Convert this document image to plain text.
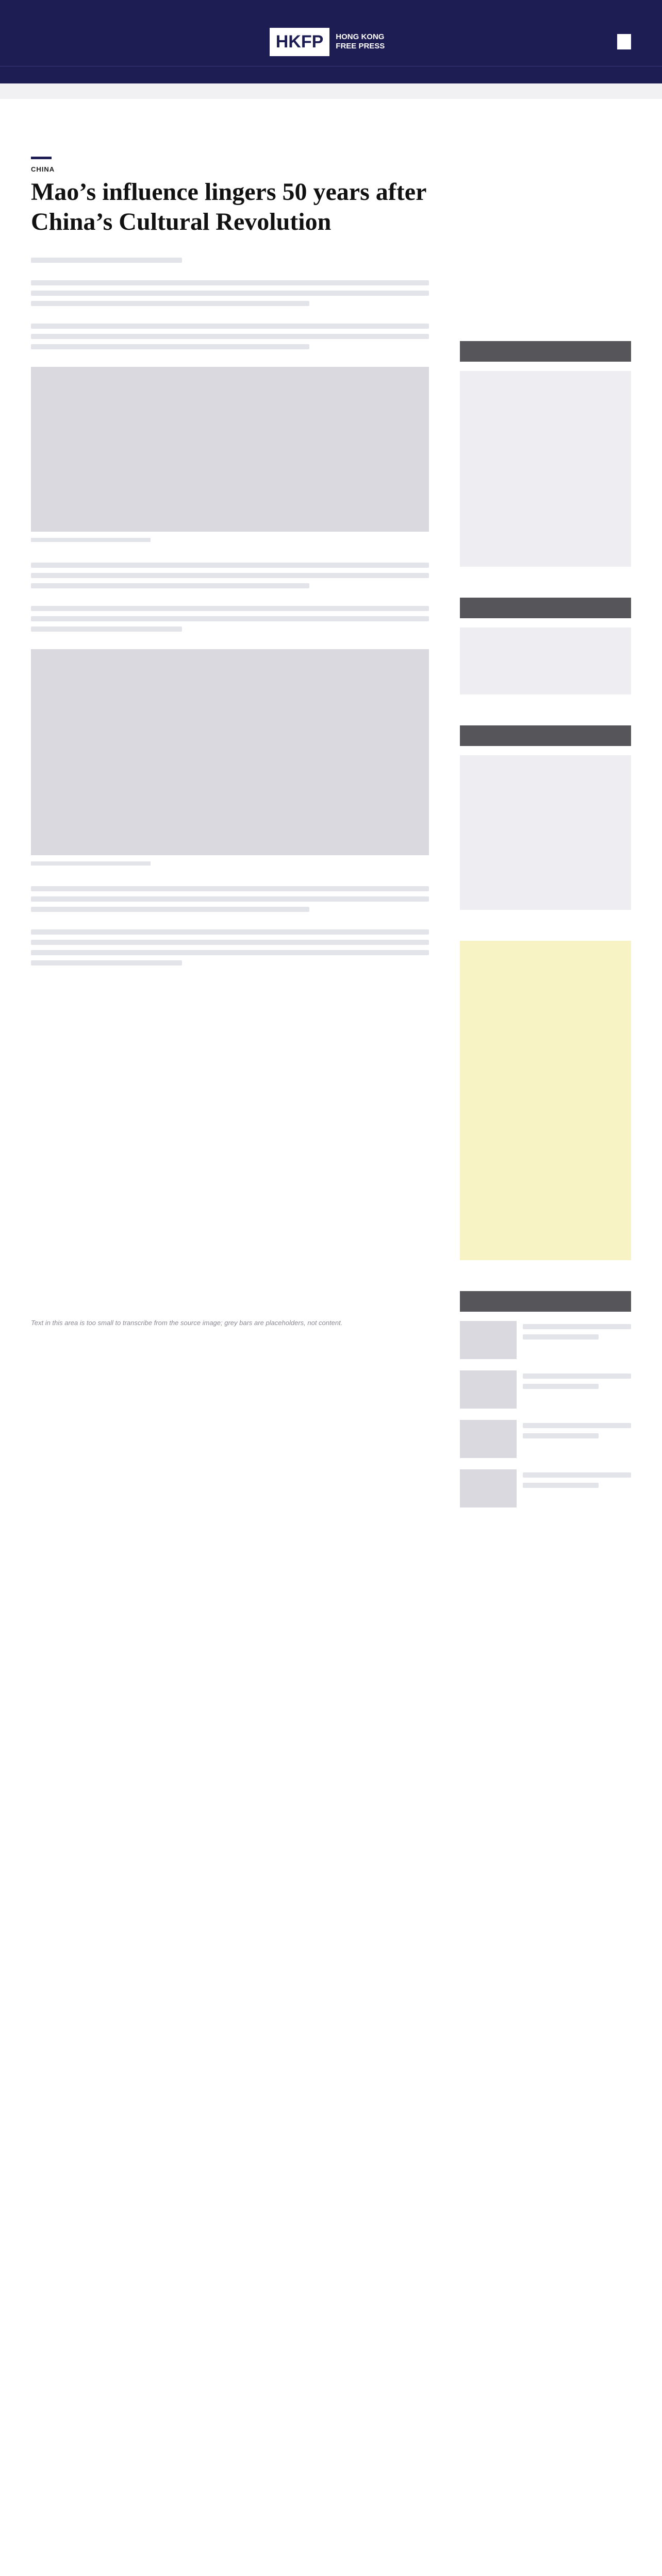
HKFP	HONG KONG FREE PRESS

CHINA
Mao’s influence lingers 50 years after China’s Cultural Revolution
Text in this area is too small to transcribe from the source image; grey bars are placeholders, not content.
